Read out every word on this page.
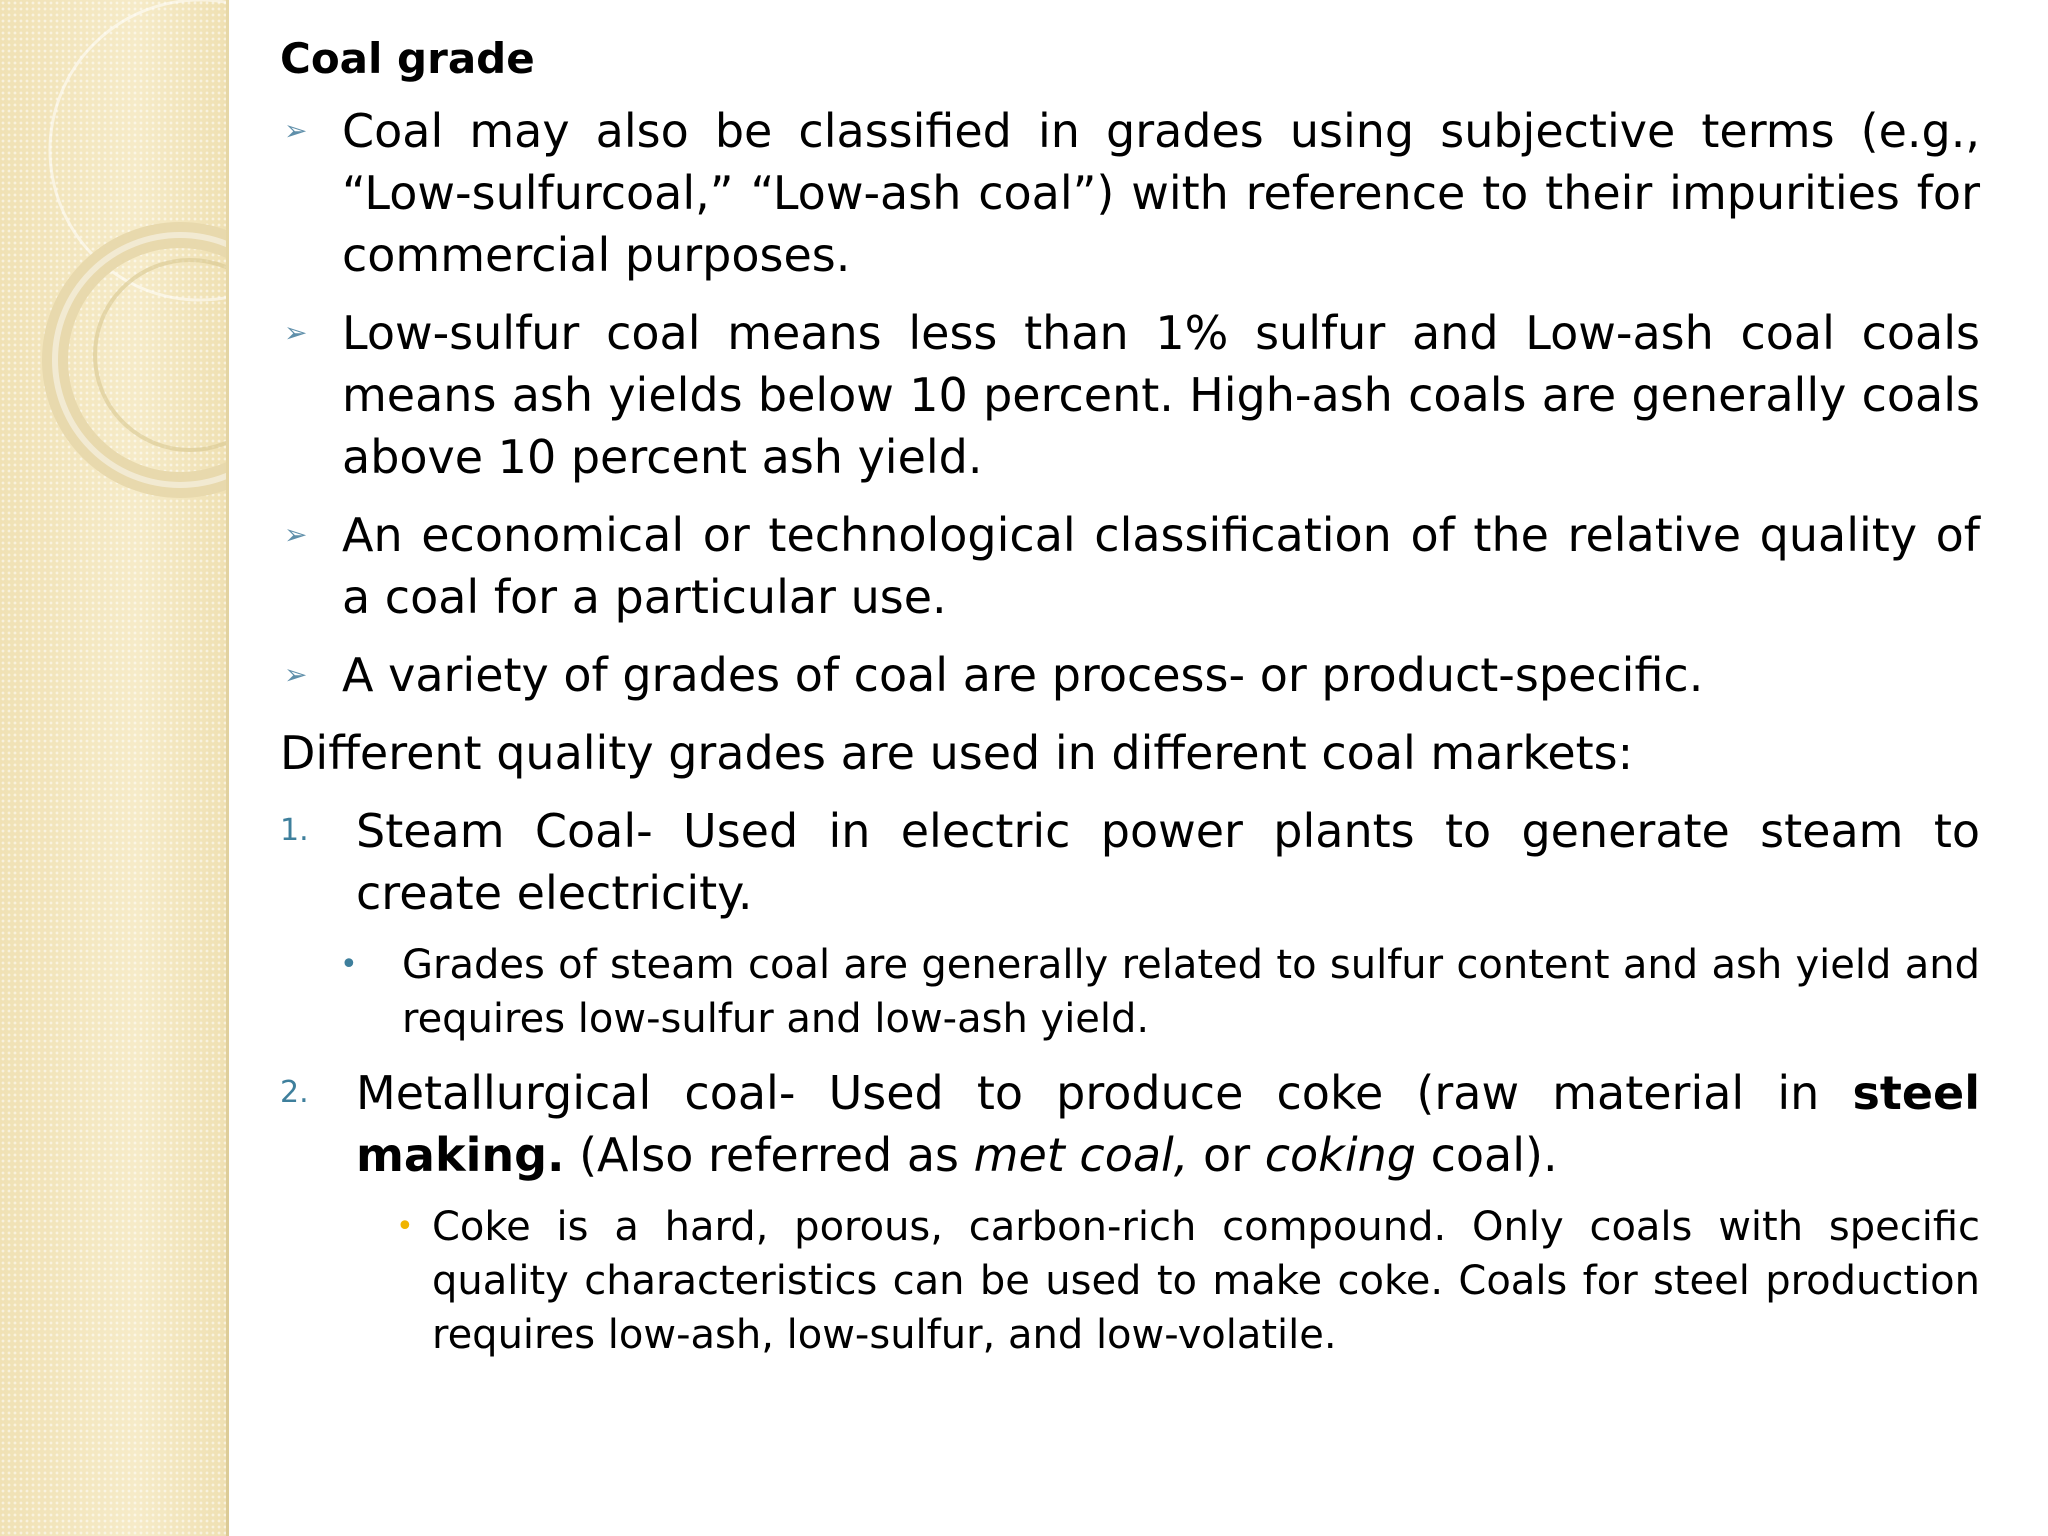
Coal grade
➢ Coal may also be classified in grades using subjective terms (e.g., “Low-sulfurcoal,” “Low-ash coal”) with reference to their impurities for commercial purposes.
➢ Low-sulfur coal means less than 1% sulfur and Low-ash coal coals means ash yields below 10 percent. High-ash coals are generally coals above 10 percent ash yield.
➢ An economical or technological classification of the relative quality of a coal for a particular use.
➢ A variety of grades of coal are process- or product-specific.
Different quality grades are used in different coal markets:
1.	Steam Coal- Used in electric power plants to generate steam to create electricity.
•	Grades of steam coal are generally related to sulfur content and ash yield and requires low-sulfur and low-ash yield.
2.	Metallurgical coal- Used to produce coke (raw material in steel making. (Also referred as met coal, or coking coal).
• Coke is a hard, porous, carbon-rich compound. Only coals with specific quality characteristics can be used to make coke. Coals for steel production requires low-ash, low-sulfur, and low-volatile.
